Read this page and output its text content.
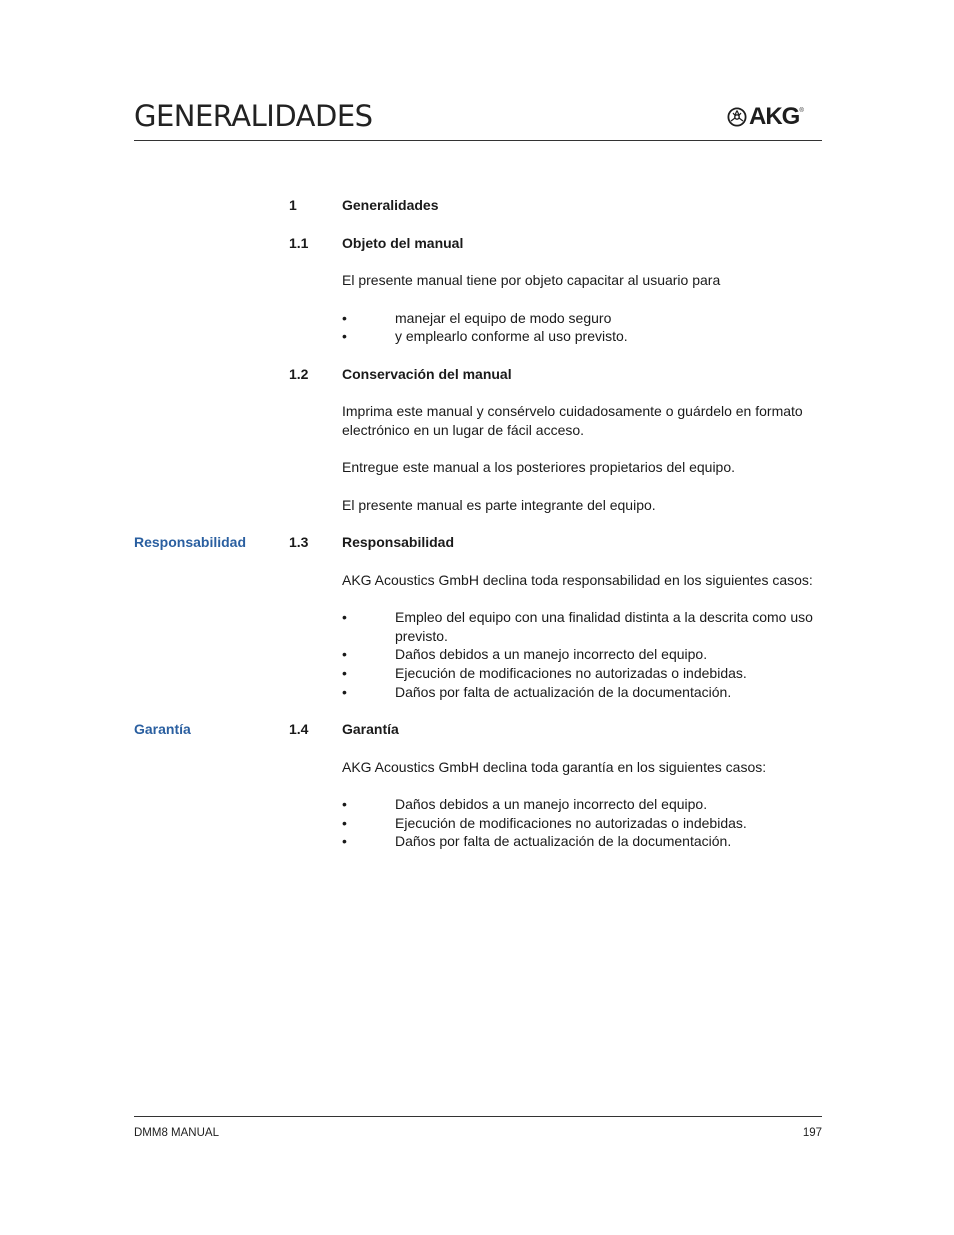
GENERALIDADES	AKG ®
1	Generalidades
1.1 Objeto del manual
El presente manual tiene por objeto capacitar al usuario para
•	manejar el equipo de modo seguro
•	y emplearlo conforme al uso previsto.
1.2 Conservación del manual
Imprima este manual y consérvelo cuidadosamente o guárdelo en formato electrónico en un lugar de fácil acceso.
Entregue este manual a los posteriores propietarios del equipo.
El presente manual es parte integrante del equipo.
Responsabilidad	1.3 Responsabilidad
AKG Acoustics GmbH declina toda responsabilidad en los siguientes casos:
•	Empleo del equipo con una finalidad distinta a la descrita como uso previsto.
•	Daños debidos a un manejo incorrecto del equipo.
•	Ejecución de modificaciones no autorizadas o indebidas.
•	Daños por falta de actualización de la documentación.
Garantía	1.4 Garantía
AKG Acoustics GmbH declina toda garantía en los siguientes casos:
•	Daños debidos a un manejo incorrecto del equipo.
•	Ejecución de modificaciones no autorizadas o indebidas.
•	Daños por falta de actualización de la documentación.
DMM8 MANUAL	197
